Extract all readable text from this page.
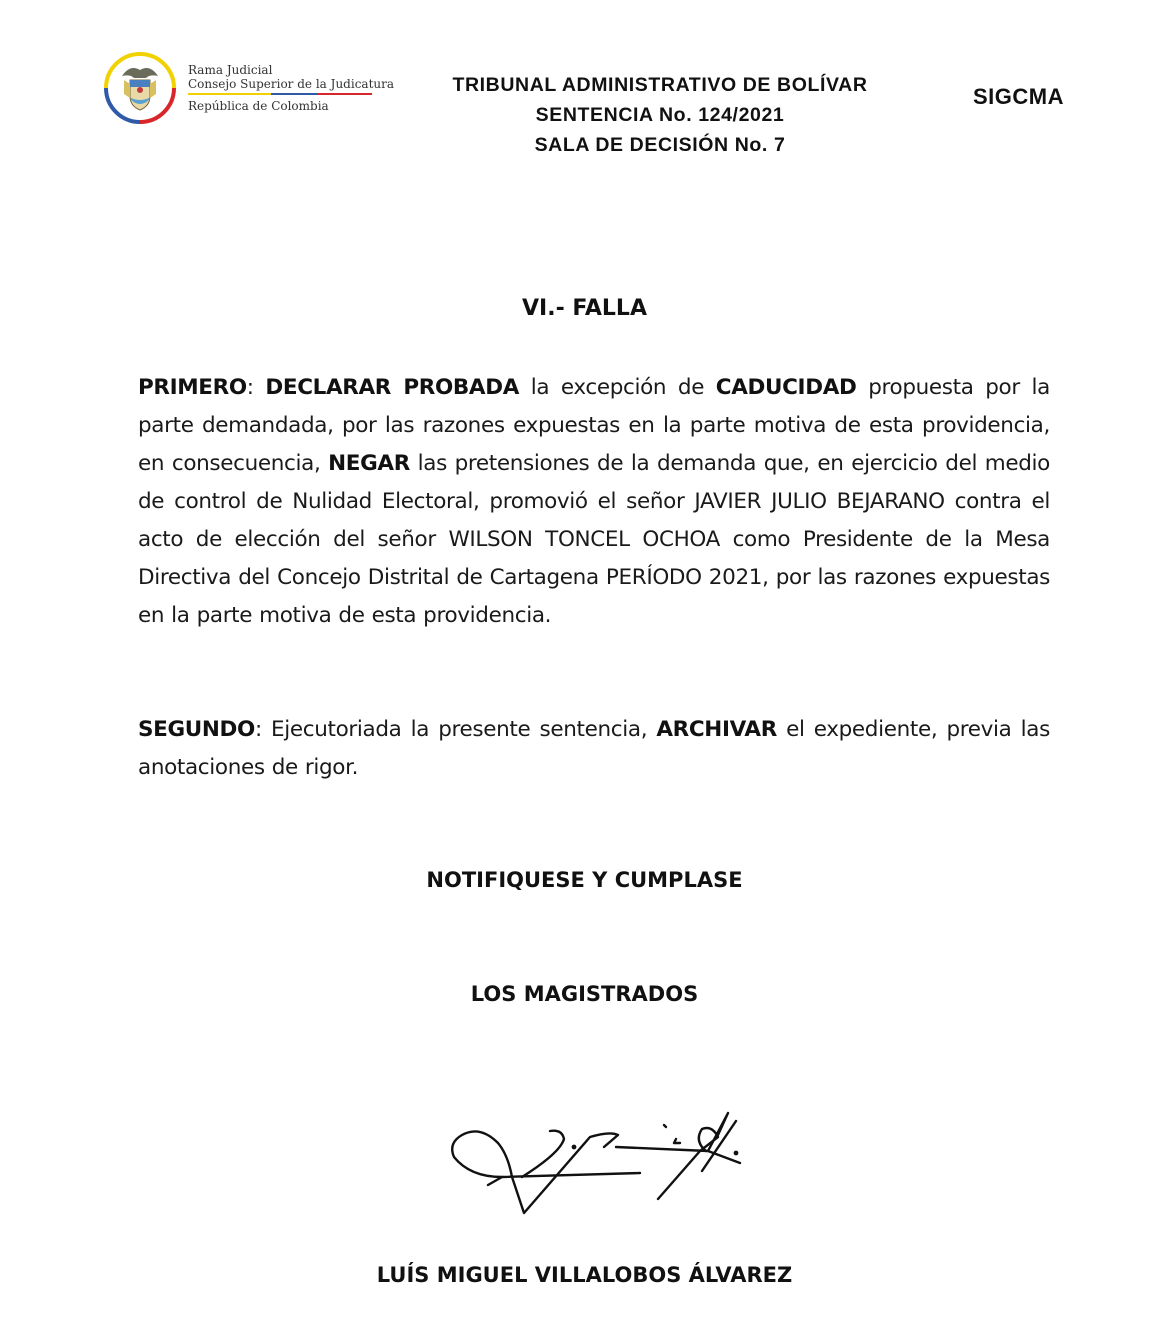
Rama Judicial
Consejo Superior de la Judicatura
República de Colombia
TRIBUNAL ADMINISTRATIVO DE BOLÍVAR
SENTENCIA No. 124/2021
SALA DE DECISIÓN No. 7
SIGCMA
VI.- FALLA
PRIMERO: DECLARAR PROBADA la excepción de CADUCIDAD propuesta por la parte demandada, por las razones expuestas en la parte motiva de esta providencia, en consecuencia, NEGAR las pretensiones de la demanda que, en ejercicio del medio de control de Nulidad Electoral, promovió el señor JAVIER JULIO BEJARANO contra el acto de elección del señor WILSON TONCEL OCHOA como Presidente de la Mesa Directiva del Concejo Distrital de Cartagena PERÍODO 2021, por las razones expuestas en la parte motiva de esta providencia.
SEGUNDO: Ejecutoriada la presente sentencia, ARCHIVAR el expediente, previa las anotaciones de rigor.
NOTIFIQUESE Y CUMPLASE
LOS MAGISTRADOS
LUÍS MIGUEL VILLALOBOS ÁLVAREZ
